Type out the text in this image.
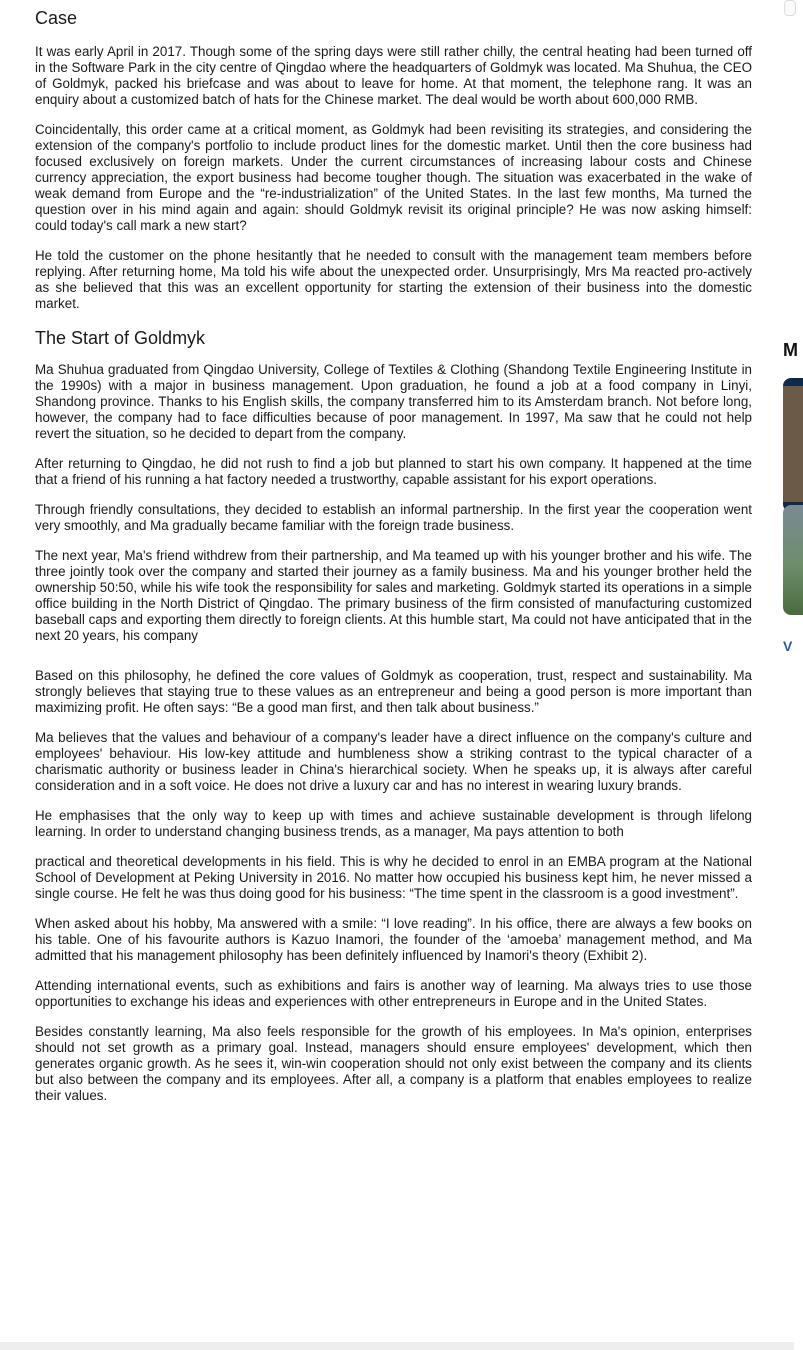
Case

It was early April in 2017. Though some of the spring days were still rather chilly, the central heating had been turned off in the Software Park in the city centre of Qingdao where the headquarters of Goldmyk was located. Ma Shuhua, the CEO of Goldmyk, packed his briefcase and was about to leave for home. At that moment, the telephone rang. It was an enquiry about a customized batch of hats for the Chinese market. The deal would be worth about 600,000 RMB.

Coincidentally, this order came at a critical moment, as Goldmyk had been revisiting its strategies, and considering the extension of the company's portfolio to include product lines for the domestic market. Until then the core business had focused exclusively on foreign markets. Under the current circumstances of increasing labour costs and Chinese currency appreciation, the export business had become tougher though. The situation was exacerbated in the wake of weak demand from Europe and the “re-industrialization” of the United States. In the last few months, Ma turned the question over in his mind again and again: should Goldmyk revisit its original principle? He was now asking himself: could today's call mark a new start?

He told the customer on the phone hesitantly that he needed to consult with the management team members before replying. After returning home, Ma told his wife about the unexpected order. Unsurprisingly, Mrs Ma reacted pro-actively as she believed that this was an excellent opportunity for starting the extension of their business into the domestic market.

The Start of Goldmyk

Ma Shuhua graduated from Qingdao University, College of Textiles & Clothing (Shandong Textile Engineering Institute in the 1990s) with a major in business management. Upon graduation, he found a job at a food company in Linyi, Shandong province. Thanks to his English skills, the company transferred him to its Amsterdam branch. Not before long, however, the company had to face difficulties because of poor management. In 1997, Ma saw that he could not help revert the situation, so he decided to depart from the company.

After returning to Qingdao, he did not rush to find a job but planned to start his own company. It happened at the time that a friend of his running a hat factory needed a trustworthy, capable assistant for his export operations.

Through friendly consultations, they decided to establish an informal partnership. In the first year the cooperation went very smoothly, and Ma gradually became familiar with the foreign trade business.

The next year, Ma's friend withdrew from their partnership, and Ma teamed up with his younger brother and his wife. The three jointly took over the company and started their journey as a family business. Ma and his younger brother held the ownership 50:50, while his wife took the responsibility for sales and marketing. Goldmyk started its operations in a simple office building in the North District of Qingdao. The primary business of the firm consisted of manufacturing customized baseball caps and exporting them directly to foreign clients. At this humble start, Ma could not have anticipated that in the next 20 years, his company

Based on this philosophy, he defined the core values of Goldmyk as cooperation, trust, respect and sustainability. Ma strongly believes that staying true to these values as an entrepreneur and being a good person is more important than maximizing profit. He often says: “Be a good man first, and then talk about business.”

Ma believes that the values and behaviour of a company's leader have a direct influence on the company's culture and employees' behaviour. His low-key attitude and humbleness show a striking contrast to the typical character of a charismatic authority or business leader in China's hierarchical society. When he speaks up, it is always after careful consideration and in a soft voice. He does not drive a luxury car and has no interest in wearing luxury brands.

He emphasises that the only way to keep up with times and achieve sustainable development is through lifelong learning. In order to understand changing business trends, as a manager, Ma pays attention to both

practical and theoretical developments in his field. This is why he decided to enrol in an EMBA program at the National School of Development at Peking University in 2016. No matter how occupied his business kept him, he never missed a single course. He felt he was thus doing good for his business: “The time spent in the classroom is a good investment”.

When asked about his hobby, Ma answered with a smile: “I love reading”. In his office, there are always a few books on his table. One of his favourite authors is Kazuo Inamori, the founder of the ‘amoeba’ management method, and Ma admitted that his management philosophy has been definitely influenced by Inamori's theory (Exhibit 2).

Attending international events, such as exhibitions and fairs is another way of learning. Ma always tries to use those opportunities to exchange his ideas and experiences with other entrepreneurs in Europe and in the United States.

Besides constantly learning, Ma also feels responsible for the growth of his employees. In Ma's opinion, enterprises should not set growth as a primary goal. Instead, managers should ensure employees' development, which then generates organic growth. As he sees it, win-win cooperation should not only exist between the company and its clients but also between the company and its employees. After all, a company is a platform that enables employees to realize their values.

M
V
